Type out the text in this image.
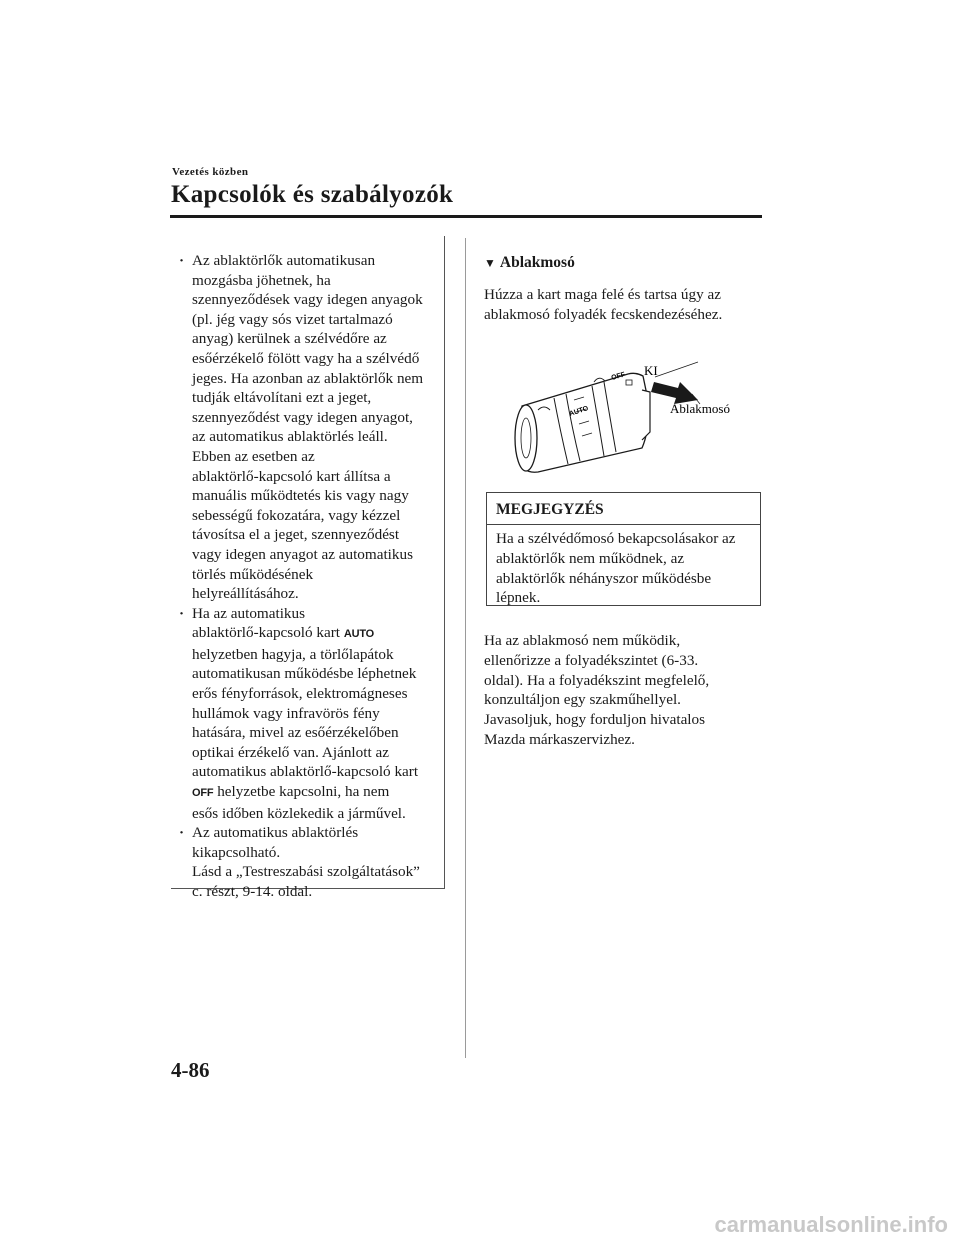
Vezetés közben
Kapcsolók és szabályozók
· Az ablaktörlők automatikusan
mozgásba jöhetnek, ha
szennyeződések vagy idegen anyagok
(pl. jég vagy sós vizet tartalmazó
anyag) kerülnek a szélvédőre az
esőérzékelő fölött vagy ha a szélvédő
jeges. Ha azonban az ablaktörlők nem
tudják eltávolítani ezt a jeget,
szennyeződést vagy idegen anyagot,
az automatikus ablaktörlés leáll.
Ebben az esetben az
ablaktörlő-kapcsoló kart állítsa a
manuális működtetés kis vagy nagy
sebességű fokozatára, vagy kézzel
távosítsa el a jeget, szennyeződést
vagy idegen anyagot az automatikus
törlés működésének
helyreállításához.
· Ha az automatikus
ablaktörlő-kapcsoló kart AUTO
helyzetben hagyja, a törlőlapátok
automatikusan működésbe léphetnek
erős fényforrások, elektromágneses
hullámok vagy infravörös fény
hatására, mivel az esőérzékelőben
optikai érzékelő van. Ajánlott az
automatikus ablaktörlő-kapcsoló kart
OFF helyzetbe kapcsolni, ha nem
esős időben közlekedik a járművel.
· Az automatikus ablaktörlés
kikapcsolható.
Lásd a „Testreszabási szolgáltatások”
c. részt, 9-14. oldal.
▼ Ablakmosó

Húzza a kart maga felé és tartsa úgy az
ablakmosó folyadék fecskendezéséhez.

AUTO
OFF KI
Ablakmosó
MEGJEGYZÉS

Ha a szélvédőmosó bekapcsolásakor az
ablaktörlők nem működnek, az
ablaktörlők néhányszor működésbe
lépnek.

Ha az ablakmosó nem működik,
ellenőrizze a folyadékszintet (6-33.
oldal). Ha a folyadékszint megfelelő,
konzultáljon egy szakműhellyel.
Javasoljuk, hogy forduljon hivatalos
Mazda márkaszervizhez.

4-86
carmanualsonline.info
